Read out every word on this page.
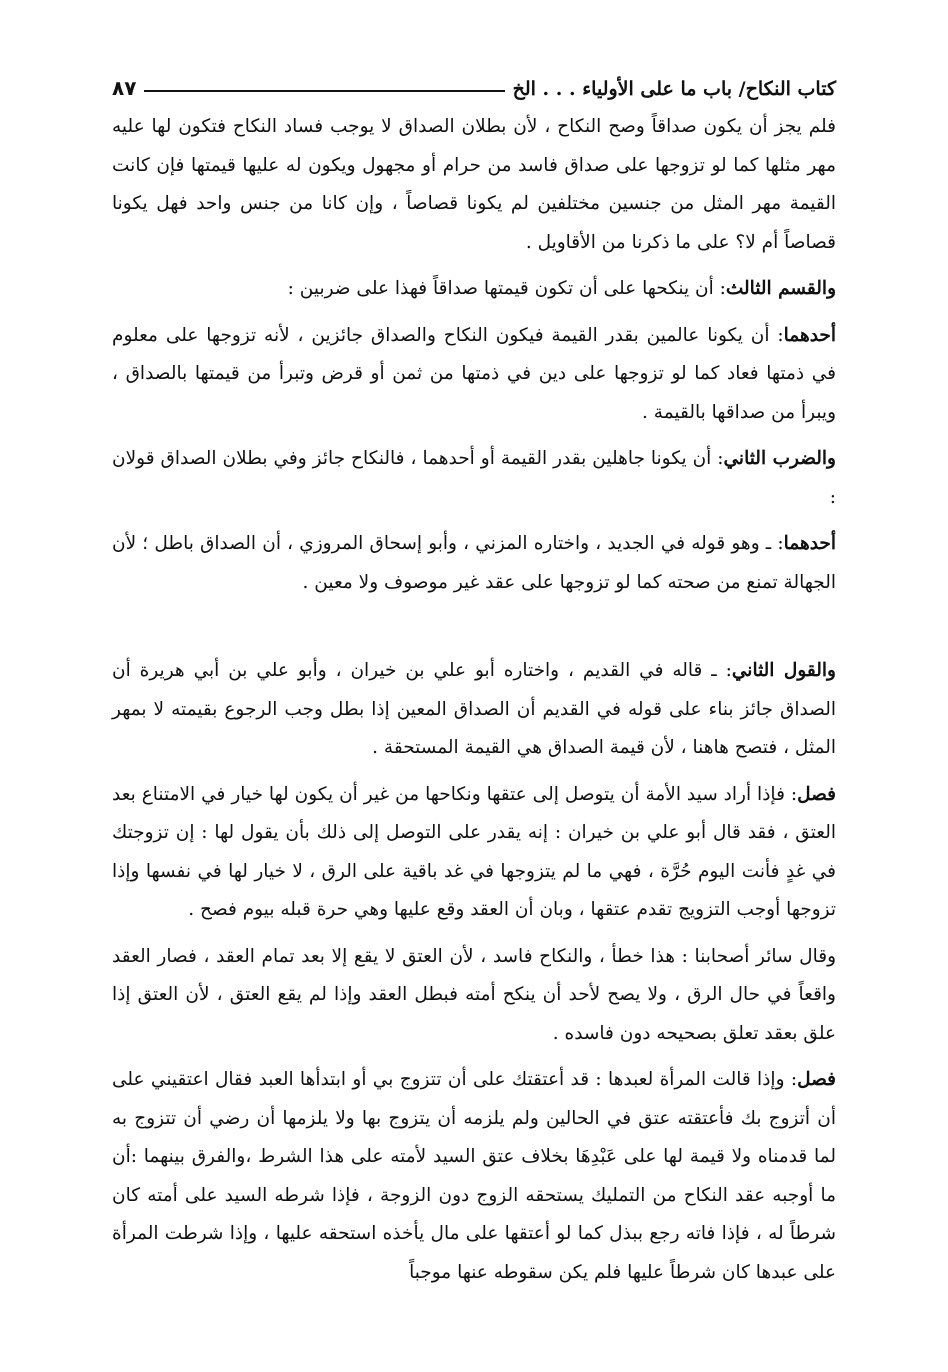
كتاب النكاح/ باب ما على الأولياء . . . الخ
٨٧

فلم يجز أن يكون صداقاً وصح النكاح ، لأن بطلان الصداق لا يوجب فساد النكاح فتكون لها عليه مهر مثلها كما لو تزوجها على صداق فاسد من حرام أو مجهول ويكون له عليها قيمتها فإن كانت القيمة مهر المثل من جنسين مختلفين لم يكونا قصاصاً ، وإن كانا من جنس واحد فهل يكونا قصاصاً أم لا؟ على ما ذكرنا من الأقاويل .

والقسم الثالث: أن ينكحها على أن تكون قيمتها صداقاً فهذا على ضربين :

أحدهما: أن يكونا عالمين بقدر القيمة فيكون النكاح والصداق جائزين ، لأنه تزوجها على معلوم في ذمتها فعاد كما لو تزوجها على دين في ذمتها من ثمن أو قرض وتبرأ من قيمتها بالصداق ، ويبرأ من صداقها بالقيمة .

والضرب الثاني: أن يكونا جاهلين بقدر القيمة أو أحدهما ، فالنكاح جائز وفي بطلان الصداق قولان :

أحدهما: ـ وهو قوله في الجديد ، واختاره المزني ، وأبو إسحاق المروزي ، أن الصداق باطل ؛ لأن الجهالة تمنع من صحته كما لو تزوجها على عقد غير موصوف ولا معين .

والقول الثاني: ـ قاله في القديم ، واختاره أبو علي بن خيران ، وأبو علي بن أبي هريرة أن الصداق جائز بناء على قوله في القديم أن الصداق المعين إذا بطل وجب الرجوع بقيمته لا بمهر المثل ، فتصح هاهنا ، لأن قيمة الصداق هي القيمة المستحقة .

فصل: فإذا أراد سيد الأمة أن يتوصل إلى عتقها ونكاحها من غير أن يكون لها خيار في الامتناع بعد العتق ، فقد قال أبو علي بن خيران : إنه يقدر على التوصل إلى ذلك بأن يقول لها : إن تزوجتك في غدٍ فأنت اليوم حُرَّة ، فهي ما لم يتزوجها في غد باقية على الرق ، لا خيار لها في نفسها وإذا تزوجها أوجب التزويج تقدم عتقها ، وبان أن العقد وقع عليها وهي حرة قبله بيوم فصح .

وقال سائر أصحابنا : هذا خطأ ، والنكاح فاسد ، لأن العتق لا يقع إلا بعد تمام العقد ، فصار العقد واقعاً في حال الرق ، ولا يصح لأحد أن ينكح أمته فبطل العقد وإذا لم يقع العتق ، لأن العتق إذا علق بعقد تعلق بصحيحه دون فاسده .

فصل: وإذا قالت المرأة لعبدها : قد أعتقتك على أن تتزوج بي أو ابتدأها العبد فقال اعتقيني على أن أتزوج بك فأعتقته عتق في الحالين ولم يلزمه أن يتزوج بها ولا يلزمها أن رضي أن تتزوج به لما قدمناه ولا قيمة لها على عَبْدِهَا بخلاف عتق السيد لأمته على هذا الشرط ،والفرق بينهما :أن ما أوجبه عقد النكاح من التمليك يستحقه الزوج دون الزوجة ، فإذا شرطه السيد على أمته كان شرطاً له ، فإذا فاته رجع ببذل كما لو أعتقها على مال يأخذه استحقه عليها ، وإذا شرطت المرأة على عبدها كان شرطاً عليها فلم يكن سقوطه عنها موجباً
